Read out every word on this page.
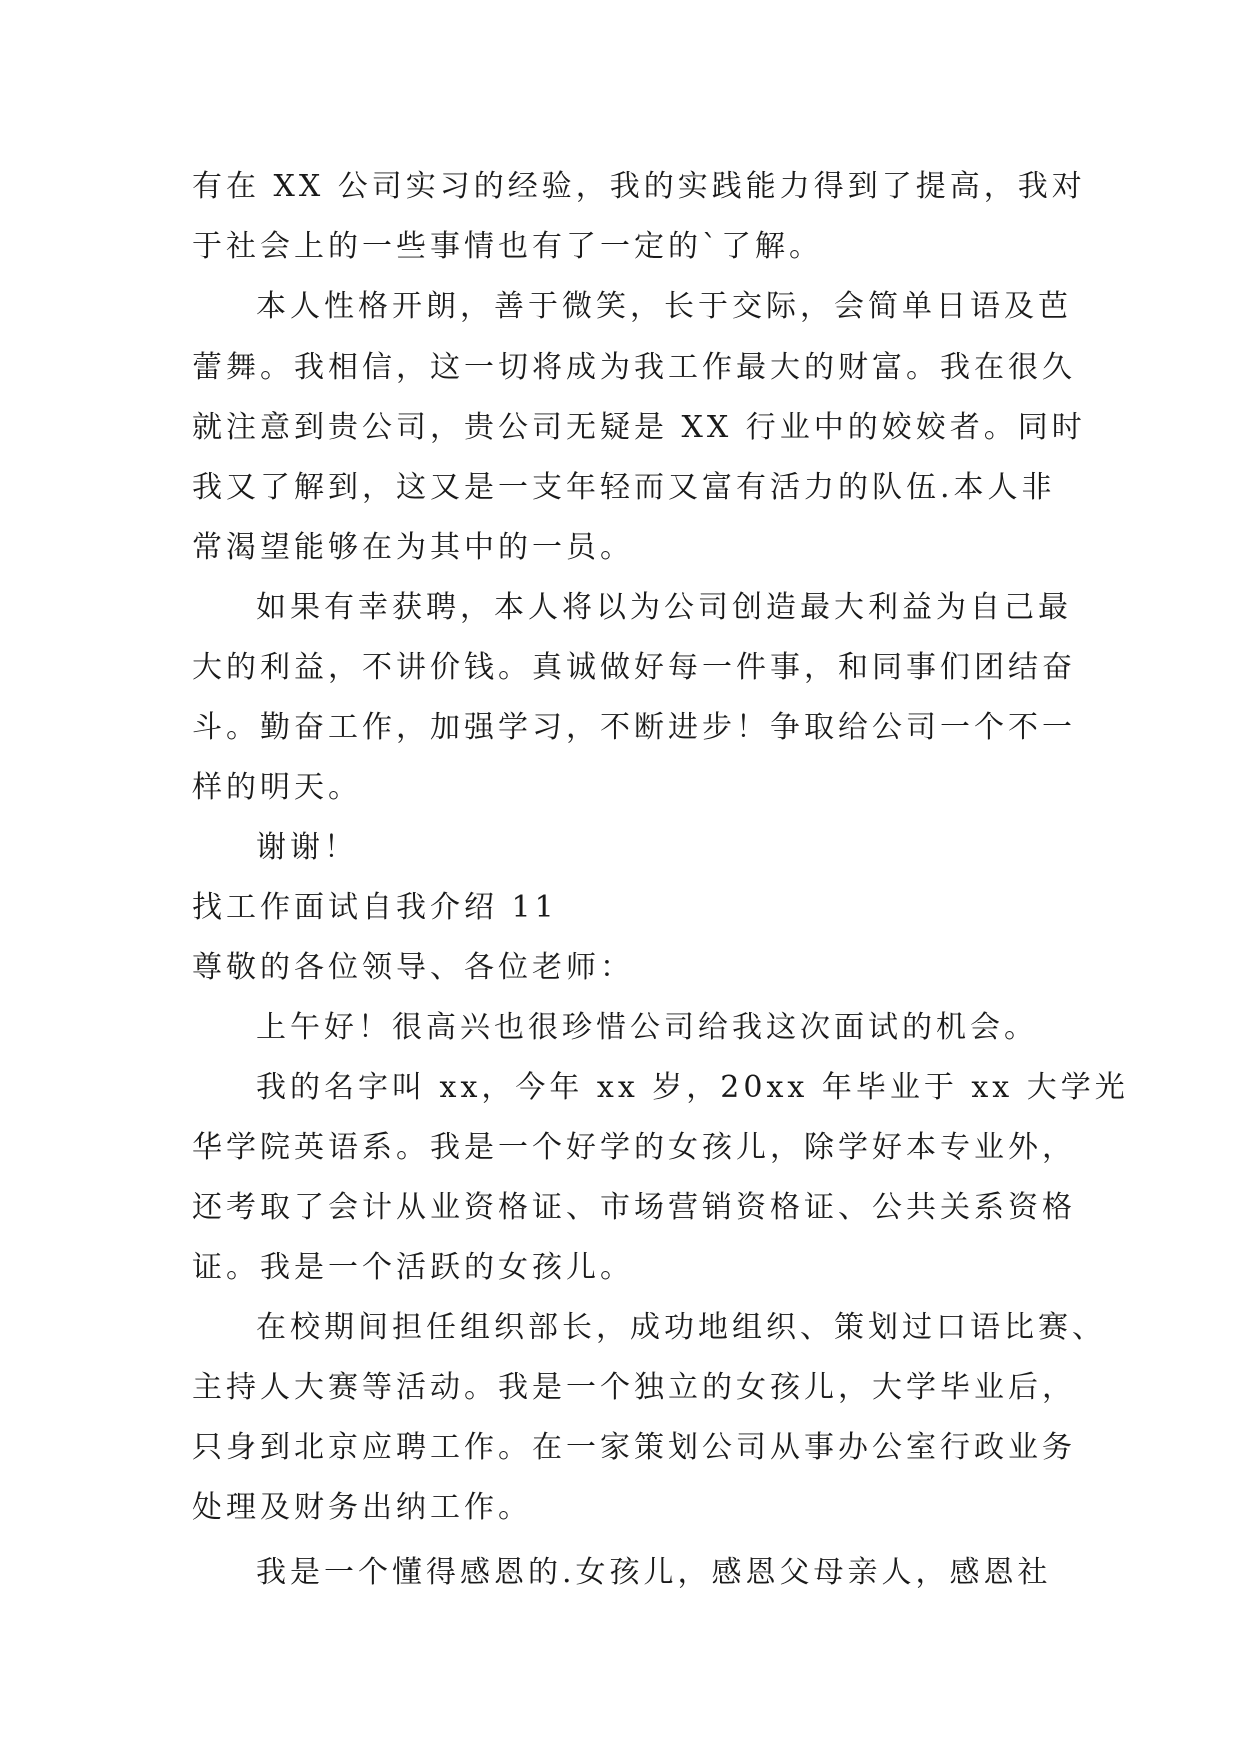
有在 XX 公司实习的经验，我的实践能力得到了提高，我对
于社会上的一些事情也有了一定的`了解。
本人性格开朗，善于微笑，长于交际，会简单日语及芭
蕾舞。我相信，这一切将成为我工作最大的财富。我在很久
就注意到贵公司，贵公司无疑是 XX 行业中的姣姣者。同时
我又了解到，这又是一支年轻而又富有活力的队伍.本人非
常渴望能够在为其中的一员。
如果有幸获聘，本人将以为公司创造最大利益为自己最
大的利益，不讲价钱。真诚做好每一件事，和同事们团结奋
斗。勤奋工作，加强学习，不断进步！争取给公司一个不一
样的明天。
谢谢！
找工作面试自我介绍 11
尊敬的各位领导、各位老师：
上午好！很高兴也很珍惜公司给我这次面试的机会。
我的名字叫 xx，今年 xx 岁，20xx 年毕业于 xx 大学光
华学院英语系。我是一个好学的女孩儿，除学好本专业外，
还考取了会计从业资格证、市场营销资格证、公共关系资格
证。我是一个活跃的女孩儿。
在校期间担任组织部长，成功地组织、策划过口语比赛、
主持人大赛等活动。我是一个独立的女孩儿，大学毕业后，
只身到北京应聘工作。在一家策划公司从事办公室行政业务
处理及财务出纳工作。
我是一个懂得感恩的.女孩儿，感恩父母亲人，感恩社
